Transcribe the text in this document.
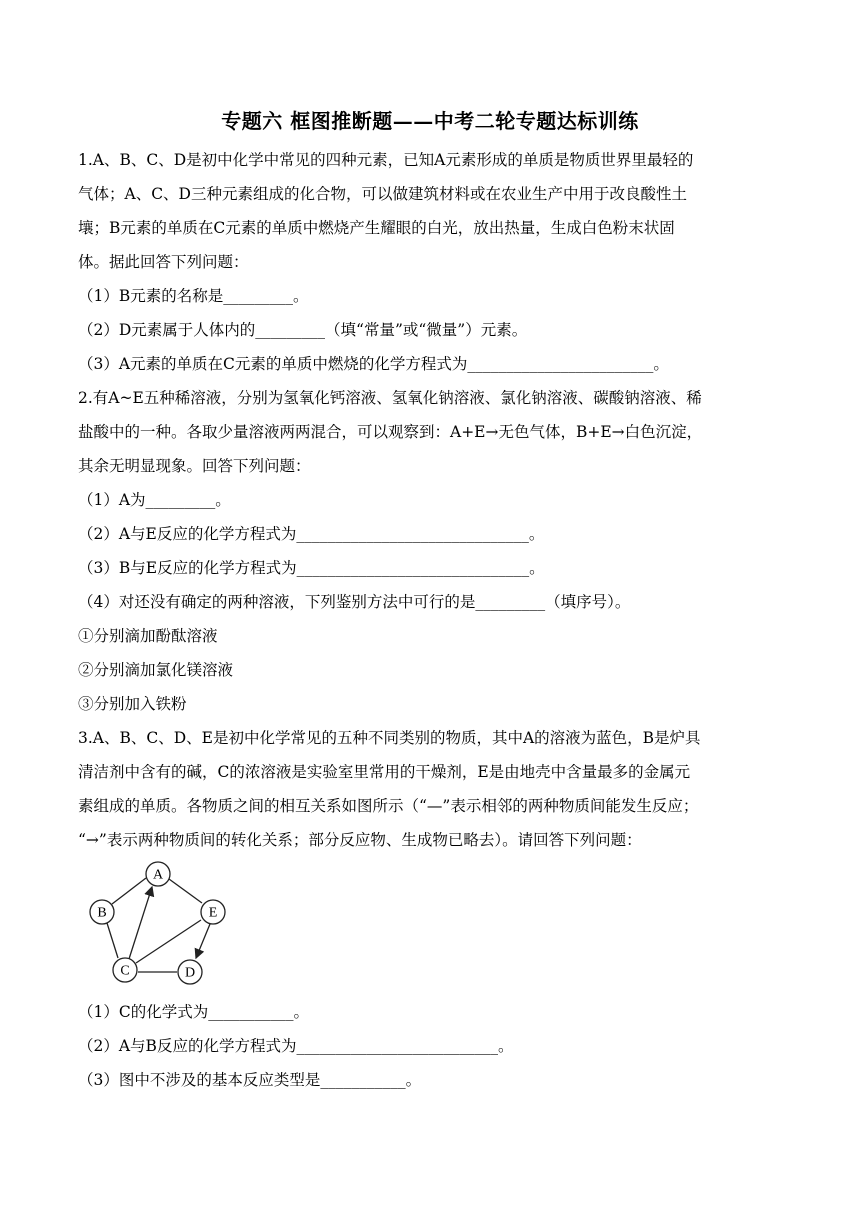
专题六 框图推断题——中考二轮专题达标训练
1.A、B、C、D是初中化学中常见的四种元素，已知A元素形成的单质是物质世界里最轻的
气体；A、C、D三种元素组成的化合物，可以做建筑材料或在农业生产中用于改良酸性土
壤；B元素的单质在C元素的单质中燃烧产生耀眼的白光，放出热量，生成白色粉末状固
体。据此回答下列问题：
（1）B元素的名称是_________。
（2）D元素属于人体内的_________（填“常量”或“微量”）元素。
（3）A元素的单质在C元素的单质中燃烧的化学方程式为________________________。
2.有A~E五种稀溶液，分别为氢氧化钙溶液、氢氧化钠溶液、氯化钠溶液、碳酸钠溶液、稀
盐酸中的一种。各取少量溶液两两混合，可以观察到：A+E→无色气体，B+E→白色沉淀，
其余无明显现象。回答下列问题：
（1）A为_________。
（2）A与E反应的化学方程式为______________________________。
（3）B与E反应的化学方程式为______________________________。
（4）对还没有确定的两种溶液，下列鉴别方法中可行的是_________（填序号）。
①分别滴加酚酞溶液
②分别滴加氯化镁溶液
③分别加入铁粉
3.A、B、C、D、E是初中化学常见的五种不同类别的物质，其中A的溶液为蓝色，B是炉具
清洁剂中含有的碱，C的浓溶液是实验室里常用的干燥剂，E是由地壳中含量最多的金属元
素组成的单质。各物质之间的相互关系如图所示（“—”表示相邻的两种物质间能发生反应；
“→”表示两种物质间的转化关系；部分反应物、生成物已略去）。请回答下列问题：
A
B	E
C	D
（1）C的化学式为___________。
（2）A与B反应的化学方程式为__________________________。
（3）图中不涉及的基本反应类型是___________。
